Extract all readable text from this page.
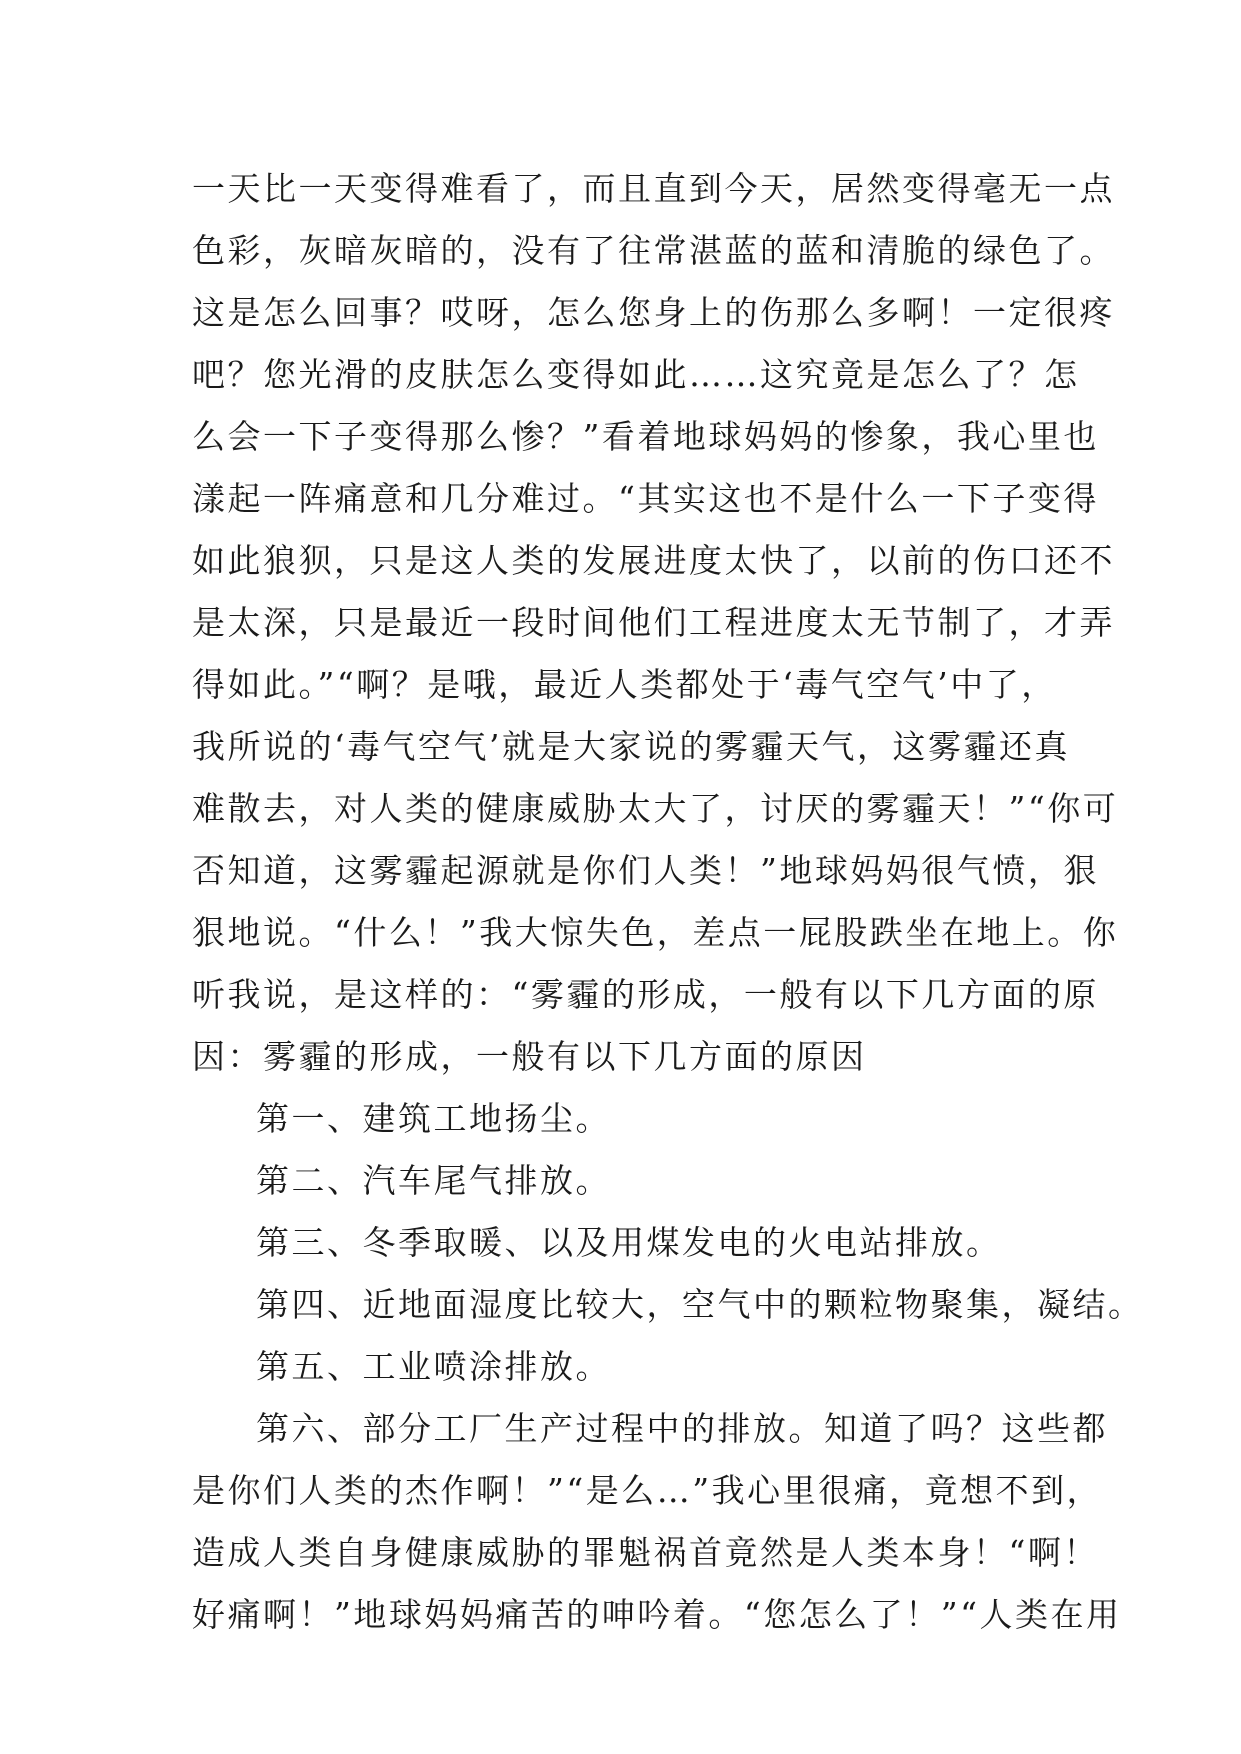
一天比一天变得难看了，而且直到今天，居然变得毫无一点
色彩，灰暗灰暗的，没有了往常湛蓝的蓝和清脆的绿色了。
这是怎么回事？哎呀，怎么您身上的伤那么多啊！一定很疼
吧？您光滑的皮肤怎么变得如此……这究竟是怎么了？怎
么会一下子变得那么惨？”看着地球妈妈的惨象，我心里也
漾起一阵痛意和几分难过。“其实这也不是什么一下子变得
如此狼狈，只是这人类的发展进度太快了，以前的伤口还不
是太深，只是最近一段时间他们工程进度太无节制了，才弄
得如此。”“啊？是哦，最近人类都处于‘毒气空气’中了，
我所说的‘毒气空气’就是大家说的雾霾天气，这雾霾还真
难散去，对人类的健康威胁太大了，讨厌的雾霾天！”“你可
否知道，这雾霾起源就是你们人类！”地球妈妈很气愤，狠
狠地说。“什么！”我大惊失色，差点一屁股跌坐在地上。你
听我说，是这样的：“雾霾的形成，一般有以下几方面的原
因：雾霾的形成，一般有以下几方面的原因
第一、建筑工地扬尘。
第二、汽车尾气排放。
第三、冬季取暖、以及用煤发电的火电站排放。
第四、近地面湿度比较大，空气中的颗粒物聚集，凝结。
第五、工业喷涂排放。
第六、部分工厂生产过程中的排放。知道了吗？这些都
是你们人类的杰作啊！”“是么…”我心里很痛，竟想不到，
造成人类自身健康威胁的罪魁祸首竟然是人类本身！“啊！
好痛啊！”地球妈妈痛苦的呻吟着。“您怎么了！”“人类在用
